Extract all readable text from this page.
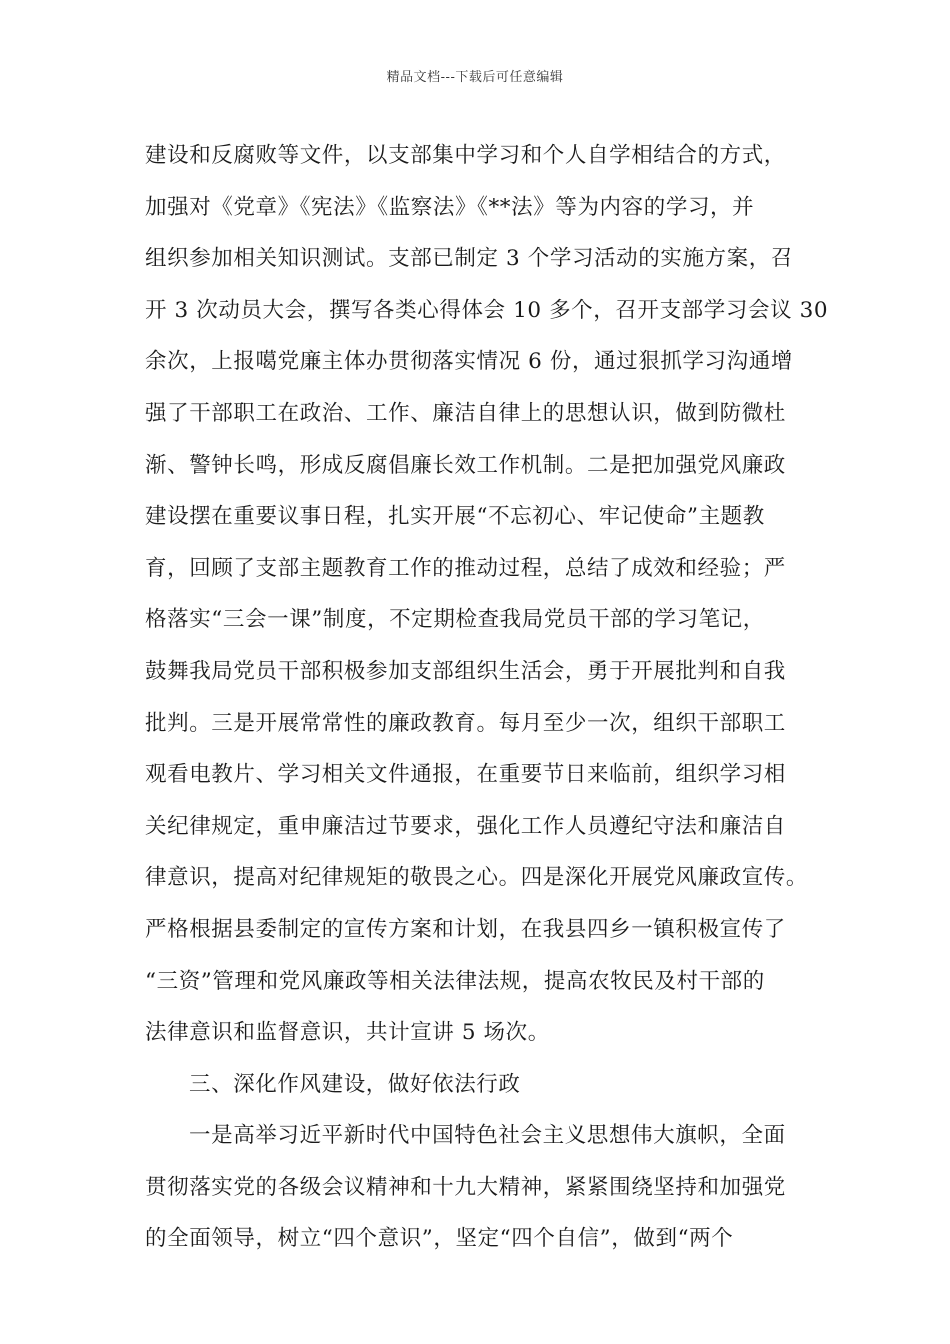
精品文档---下载后可任意编辑
建设和反腐败等文件，以支部集中学习和个人自学相结合的方式，
加强对《党章》《宪法》《监察法》《**法》等为内容的学习，并
组织参加相关知识测试。支部已制定 3 个学习活动的实施方案，召
开 3 次动员大会，撰写各类心得体会 10 多个，召开支部学习会议 30
余次，上报噶党廉主体办贯彻落实情况 6 份，通过狠抓学习沟通增
强了干部职工在政治、工作、廉洁自律上的思想认识，做到防微杜
渐、警钟长鸣，形成反腐倡廉长效工作机制。二是把加强党风廉政
建设摆在重要议事日程，扎实开展“不忘初心、牢记使命”主题教
育，回顾了支部主题教育工作的推动过程，总结了成效和经验；严
格落实“三会一课”制度，不定期检查我局党员干部的学习笔记，
鼓舞我局党员干部积极参加支部组织生活会，勇于开展批判和自我
批判。三是开展常常性的廉政教育。每月至少一次，组织干部职工
观看电教片、学习相关文件通报，在重要节日来临前，组织学习相
关纪律规定，重申廉洁过节要求，强化工作人员遵纪守法和廉洁自
律意识，提高对纪律规矩的敬畏之心。四是深化开展党风廉政宣传。
严格根据县委制定的宣传方案和计划，在我县四乡一镇积极宣传了
“三资”管理和党风廉政等相关法律法规，提高农牧民及村干部的
法律意识和监督意识，共计宣讲 5 场次。
三、深化作风建设，做好依法行政
一是高举习近平新时代中国特色社会主义思想伟大旗帜，全面
贯彻落实党的各级会议精神和十九大精神，紧紧围绕坚持和加强党
的全面领导，树立“四个意识”，坚定“四个自信”，做到“两个
